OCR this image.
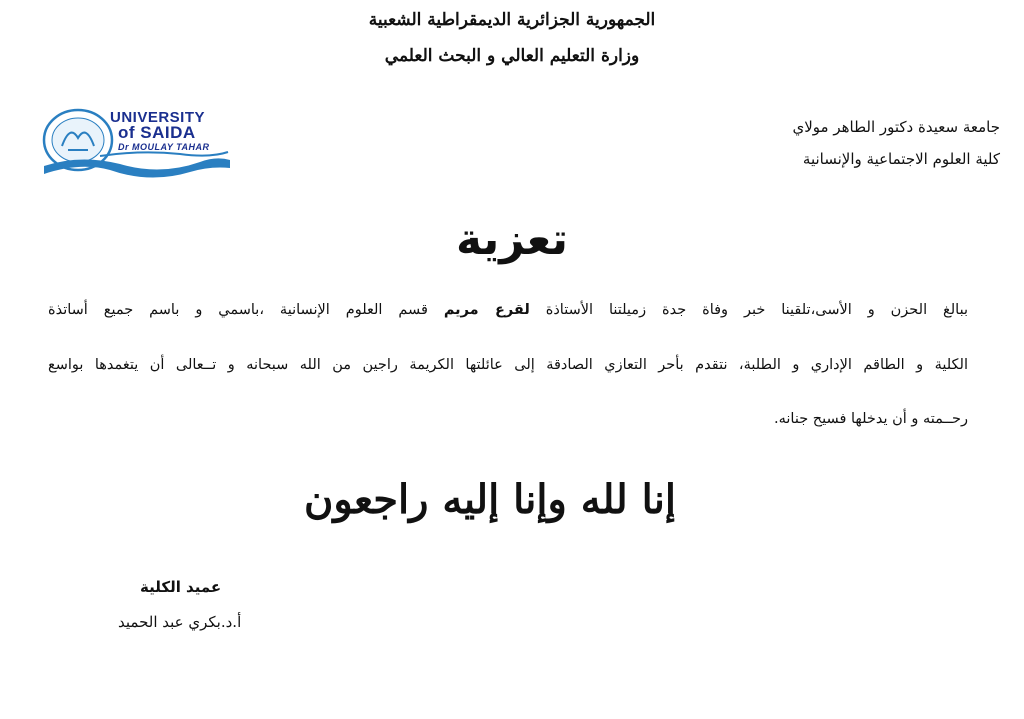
الجمهورية الجزائرية الديمقراطية الشعبية
وزارة التعليم العالي و البحث العلمي
UNIVERSITY
of SAIDA
Dr MOULAY TAHAR
جامعة سعيدة دكتور الطاهر مولاي
كلية العلوم الاجتماعية والإنسانية
تعزية
ببالغ الحزن و الأسى،تلقينا خبر وفاة جدة زميلتنا الأستاذة لقرع مريم قسم العلوم الإنسانية ،باسمي و باسم جميع أساتذة
الكلية و الطاقم الإداري و الطلبة، نتقدم بأحر التعازي الصادقة إلى عائلتها الكريمة راجين من الله سبحانه و تــعالى أن يتغمدها بواسع
رحــمته و أن يدخلها فسيح جنانه.
إنا لله وإنا إليه راجعون
عميد الكلية
أ.د.بكري عبد الحميد
